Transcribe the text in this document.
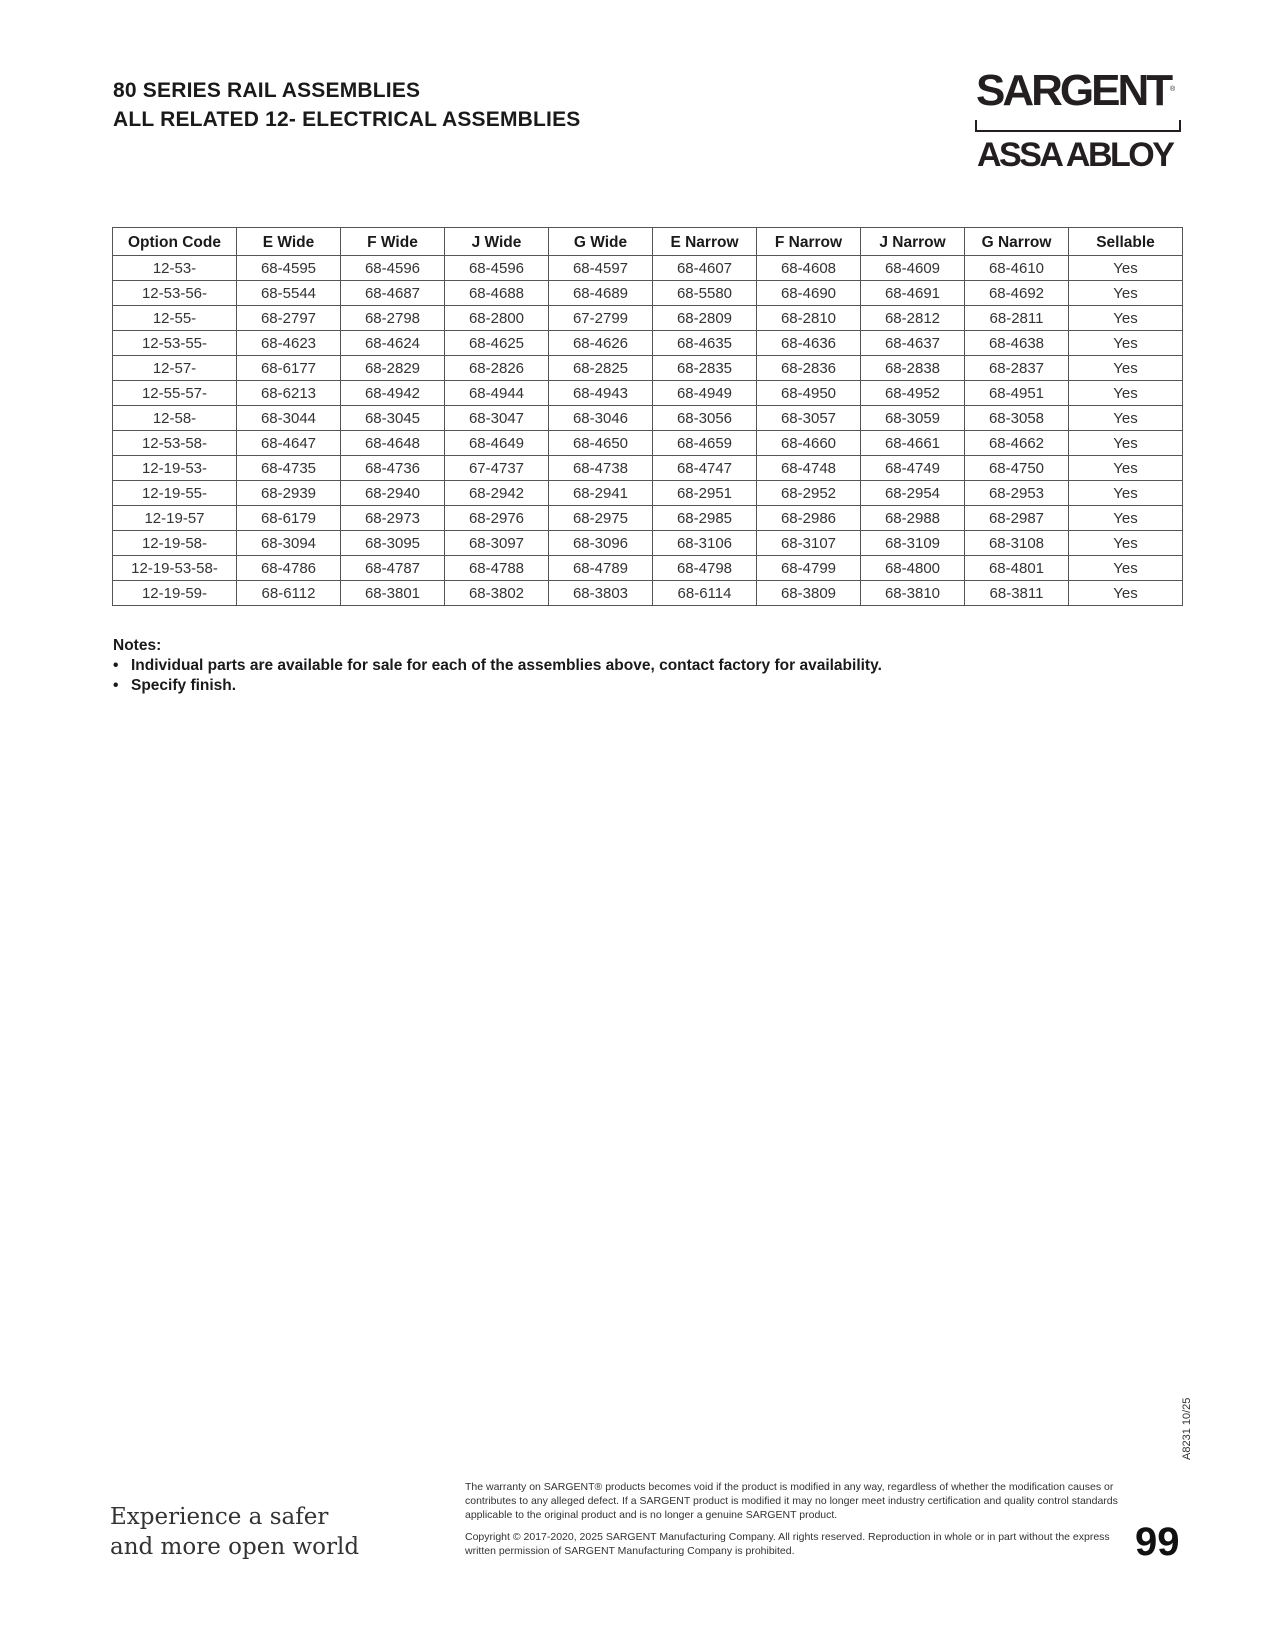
80 SERIES RAIL ASSEMBLIES
ALL RELATED 12- ELECTRICAL ASSEMBLIES
SARGENT ®
ASSA ABLOY
Option Code	E Wide	F Wide	J Wide	G Wide	E Narrow	F Narrow	J Narrow	G Narrow	Sellable
12-53-	68-4595	68-4596	68-4596	68-4597	68-4607	68-4608	68-4609	68-4610	Yes
12-53-56-	68-5544	68-4687	68-4688	68-4689	68-5580	68-4690	68-4691	68-4692	Yes
12-55-	68-2797	68-2798	68-2800	67-2799	68-2809	68-2810	68-2812	68-2811	Yes
12-53-55-	68-4623	68-4624	68-4625	68-4626	68-4635	68-4636	68-4637	68-4638	Yes
12-57-	68-6177	68-2829	68-2826	68-2825	68-2835	68-2836	68-2838	68-2837	Yes
12-55-57-	68-6213	68-4942	68-4944	68-4943	68-4949	68-4950	68-4952	68-4951	Yes
12-58-	68-3044	68-3045	68-3047	68-3046	68-3056	68-3057	68-3059	68-3058	Yes
12-53-58-	68-4647	68-4648	68-4649	68-4650	68-4659	68-4660	68-4661	68-4662	Yes
12-19-53-	68-4735	68-4736	67-4737	68-4738	68-4747	68-4748	68-4749	68-4750	Yes
12-19-55-	68-2939	68-2940	68-2942	68-2941	68-2951	68-2952	68-2954	68-2953	Yes
12-19-57	68-6179	68-2973	68-2976	68-2975	68-2985	68-2986	68-2988	68-2987	Yes
12-19-58-	68-3094	68-3095	68-3097	68-3096	68-3106	68-3107	68-3109	68-3108	Yes
12-19-53-58-	68-4786	68-4787	68-4788	68-4789	68-4798	68-4799	68-4800	68-4801	Yes
12-19-59-	68-6112	68-3801	68-3802	68-3803	68-6114	68-3809	68-3810	68-3811	Yes
Notes:
• Individual parts are available for sale for each of the assemblies above, contact factory for availability.
• Specify finish.
A8231 10/25
Experience a safer
and more open world

The warranty on SARGENT® products becomes void if the product is modified in any way, regardless of whether the modification causes or contributes to any alleged defect. If a SARGENT product is modified it may no longer meet industry certification and quality control standards applicable to the original product and is no longer a genuine SARGENT product.

Copyright © 2017-2020, 2025 SARGENT Manufacturing Company. All rights reserved. Reproduction in whole or in part without the express written permission of SARGENT Manufacturing Company is prohibited.	99
